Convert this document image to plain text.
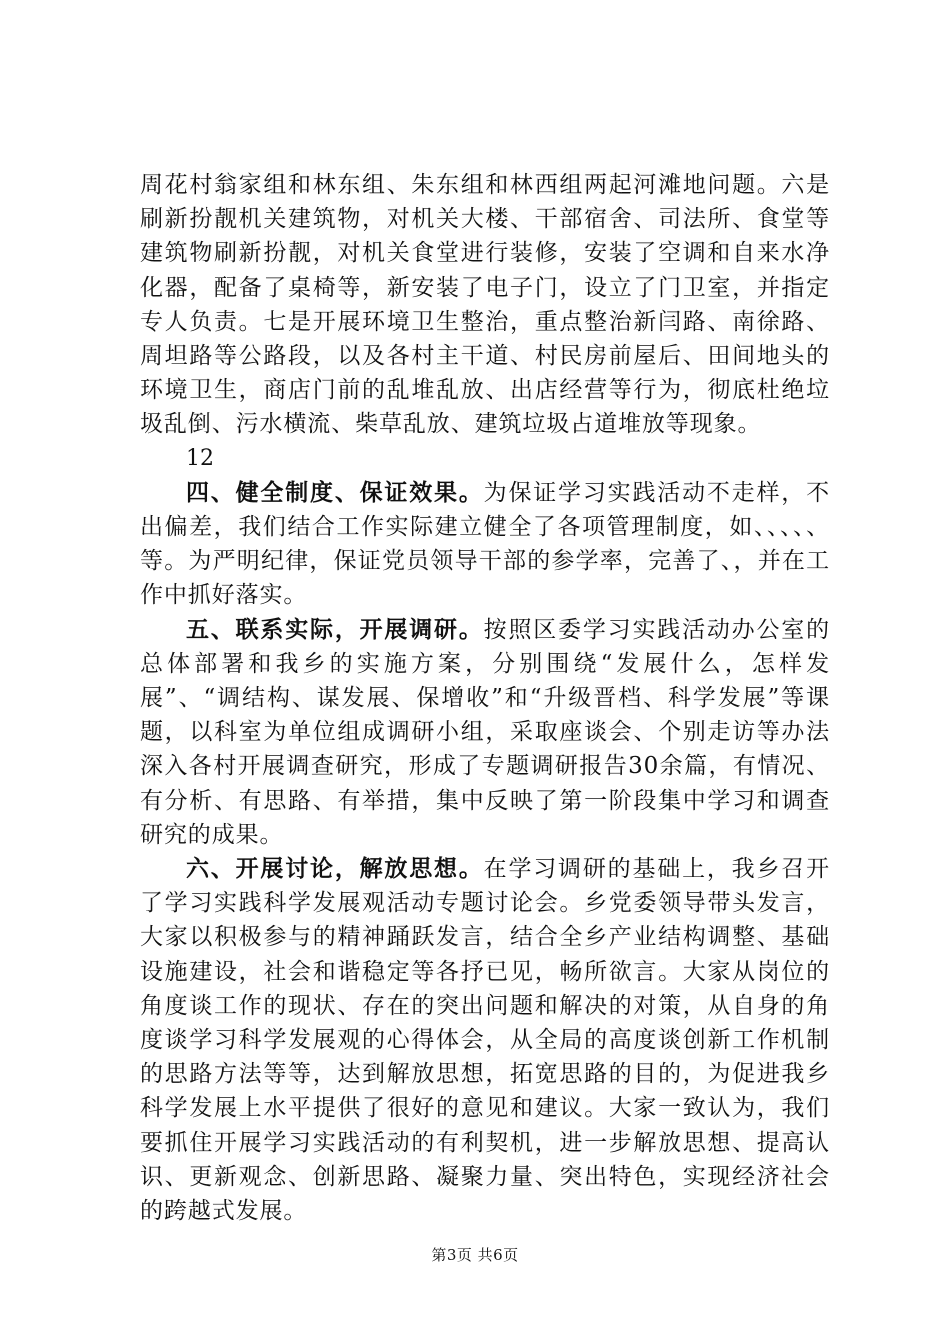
周花村翁家组和林东组、朱东组和林西组两起河滩地问题。六是刷新扮靓机关建筑物，对机关大楼、干部宿舍、司法所、食堂等建筑物刷新扮靓，对机关食堂进行装修，安装了空调和自来水净化器，配备了桌椅等，新安装了电子门，设立了门卫室，并指定专人负责。七是开展环境卫生整治，重点整治新闫路、南徐路、周坦路等公路段，以及各村主干道、村民房前屋后、田间地头的环境卫生，商店门前的乱堆乱放、出店经营等行为，彻底杜绝垃圾乱倒、污水横流、柴草乱放、建筑垃圾占道堆放等现象。

12

四、健全制度、保证效果。为保证学习实践活动不走样，不出偏差，我们结合工作实际建立健全了各项管理制度，如、、、、、等。为严明纪律，保证党员领导干部的参学率，完善了、，并在工作中抓好落实。

五、联系实际，开展调研。按照区委学习实践活动办公室的总体部署和我乡的实施方案，分别围绕“发展什么，怎样发展”、“调结构、谋发展、保增收”和“升级晋档、科学发展”等课题，以科室为单位组成调研小组，采取座谈会、个别走访等办法深入各村开展调查研究，形成了专题调研报告30余篇，有情况、有分析、有思路、有举措，集中反映了第一阶段集中学习和调查研究的成果。

六、开展讨论，解放思想。在学习调研的基础上，我乡召开了学习实践科学发展观活动专题讨论会。乡党委领导带头发言，大家以积极参与的精神踊跃发言，结合全乡产业结构调整、基础设施建设，社会和谐稳定等各抒已见，畅所欲言。大家从岗位的角度谈工作的现状、存在的突出问题和解决的对策，从自身的角度谈学习科学发展观的心得体会，从全局的高度谈创新工作机制的思路方法等等，达到解放思想，拓宽思路的目的，为促进我乡科学发展上水平提供了很好的意见和建议。大家一致认为，我们要抓住开展学习实践活动的有利契机，进一步解放思想、提高认识、更新观念、创新思路、凝聚力量、突出特色，实现经济社会的跨越式发展。

第3页 共6页
